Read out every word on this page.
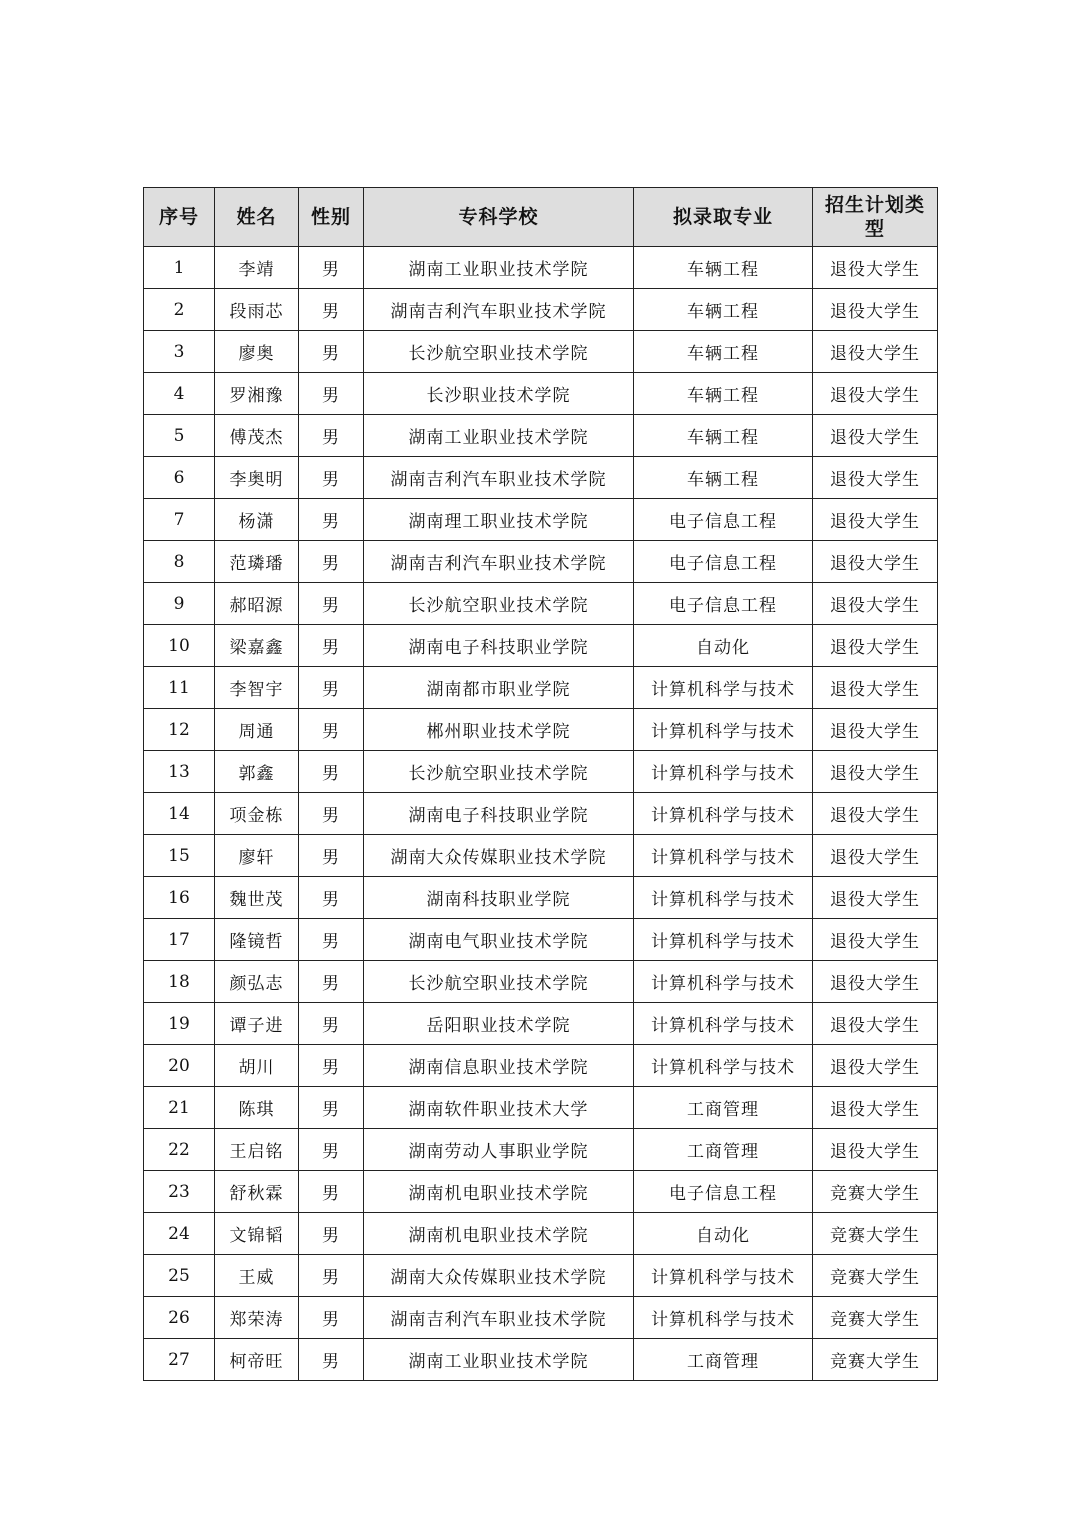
序号	姓名	性别	专科学校	拟录取专业	招生计划类型
1	李靖	男	湖南工业职业技术学院	车辆工程	退役大学生
2	段雨芯	男	湖南吉利汽车职业技术学院	车辆工程	退役大学生
3	廖奥	男	长沙航空职业技术学院	车辆工程	退役大学生
4	罗湘豫	男	长沙职业技术学院	车辆工程	退役大学生
5	傅茂杰	男	湖南工业职业技术学院	车辆工程	退役大学生
6	李奥明	男	湖南吉利汽车职业技术学院	车辆工程	退役大学生
7	杨潇	男	湖南理工职业技术学院	电子信息工程	退役大学生
8	范璘璠	男	湖南吉利汽车职业技术学院	电子信息工程	退役大学生
9	郝昭源	男	长沙航空职业技术学院	电子信息工程	退役大学生
10	梁嘉鑫	男	湖南电子科技职业学院	自动化	退役大学生
11	李智宇	男	湖南都市职业学院	计算机科学与技术	退役大学生
12	周通	男	郴州职业技术学院	计算机科学与技术	退役大学生
13	郭鑫	男	长沙航空职业技术学院	计算机科学与技术	退役大学生
14	项金栋	男	湖南电子科技职业学院	计算机科学与技术	退役大学生
15	廖轩	男	湖南大众传媒职业技术学院	计算机科学与技术	退役大学生
16	魏世茂	男	湖南科技职业学院	计算机科学与技术	退役大学生
17	隆镜哲	男	湖南电气职业技术学院	计算机科学与技术	退役大学生
18	颜弘志	男	长沙航空职业技术学院	计算机科学与技术	退役大学生
19	谭子进	男	岳阳职业技术学院	计算机科学与技术	退役大学生
20	胡川	男	湖南信息职业技术学院	计算机科学与技术	退役大学生
21	陈琪	男	湖南软件职业技术大学	工商管理	退役大学生
22	王启铭	男	湖南劳动人事职业学院	工商管理	退役大学生
23	舒秋霖	男	湖南机电职业技术学院	电子信息工程	竞赛大学生
24	文锦韬	男	湖南机电职业技术学院	自动化	竞赛大学生
25	王威	男	湖南大众传媒职业技术学院	计算机科学与技术	竞赛大学生
26	郑荣涛	男	湖南吉利汽车职业技术学院	计算机科学与技术	竞赛大学生
27	柯帝旺	男	湖南工业职业技术学院	工商管理	竞赛大学生
